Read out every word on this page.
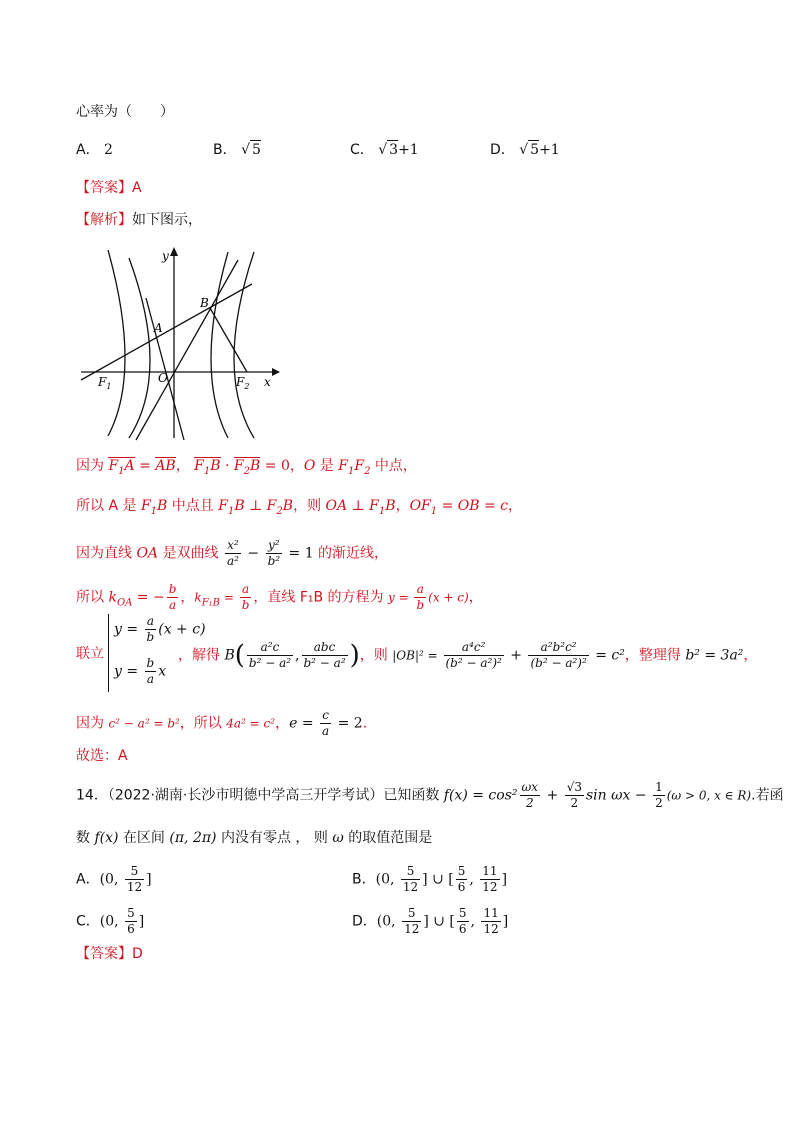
心率为（　　）
A． 2	B． √ 5	C． √ 3+1	D． √ 5+1
【答案】A
【解析】如下图示，
y
x
B
A
O
$F_1$	$F_2$
因为 $F_1A$ = AB， $F_1B \cdot F_2B = 0$，O 是 $F_1F_2$ 中点，
所以 A 是 $F_1B$ 中点且 $F_1B$ ⊥ $F_2B$，则 OA ⊥ $F_1B$，$OF_1$ = OB = c，
因为直线 OA 是双曲线 $\frac{\text{x²}}{\text{a²}} - \frac{\text{y²}}{\text{b²}} = 1$ 的渐近线，
所以 $k_{OA}$ = − $\frac{b}{a}$ ，$k_{F_1B} = \frac{a}{b}$ ，直线 F₁B 的方程为 $y = \frac{a}{b} (x + c)$，
联立
$y = \frac{a}{b} (x + c)$
$y = \frac{b}{a}$ x
，解得 $B( \frac{\text{a²c}}{\text{b² − a²}}$ , $\frac{\text{abc}}{\text{b² − a²}}$ )，则 $|OB|^2 = \frac{\text{a⁴c²}}{\text{(b² − a²)²}} + \frac{\text{a²b²c²}}{\text{(b² − a²)²}} = c^2$，整理得 b² = 3a²，
因为 c² − a² = b²，所以 4a² = c²，$e = \frac{c}{a} = 2$．
故选：A
14．（2022·湖南·长沙市明德中学高三开学考试）已知函数 $f(x) = \cos^2 \frac{\omega x}{2} + \frac{√3}{2}$ $\sin \omega x - \frac{1}{2} (\omega > 0$, x ∈ R).若函
数 f(x) 在区间 (π, 2π) 内没有零点 ， 则 ω 的取值范围是
A．(0, $\frac{5}{12}$ ]	B．(0, $\frac{5}{12}$ ] ∪ [ $\frac{5}{6}$ , $\frac{11}{12}$ ]
C．(0, $\frac{5}{6}$ ]	D．(0, $\frac{5}{12}$ ] ∪ [ $\frac{5}{6}$ , $\frac{11}{12}$ ]
【答案】D
